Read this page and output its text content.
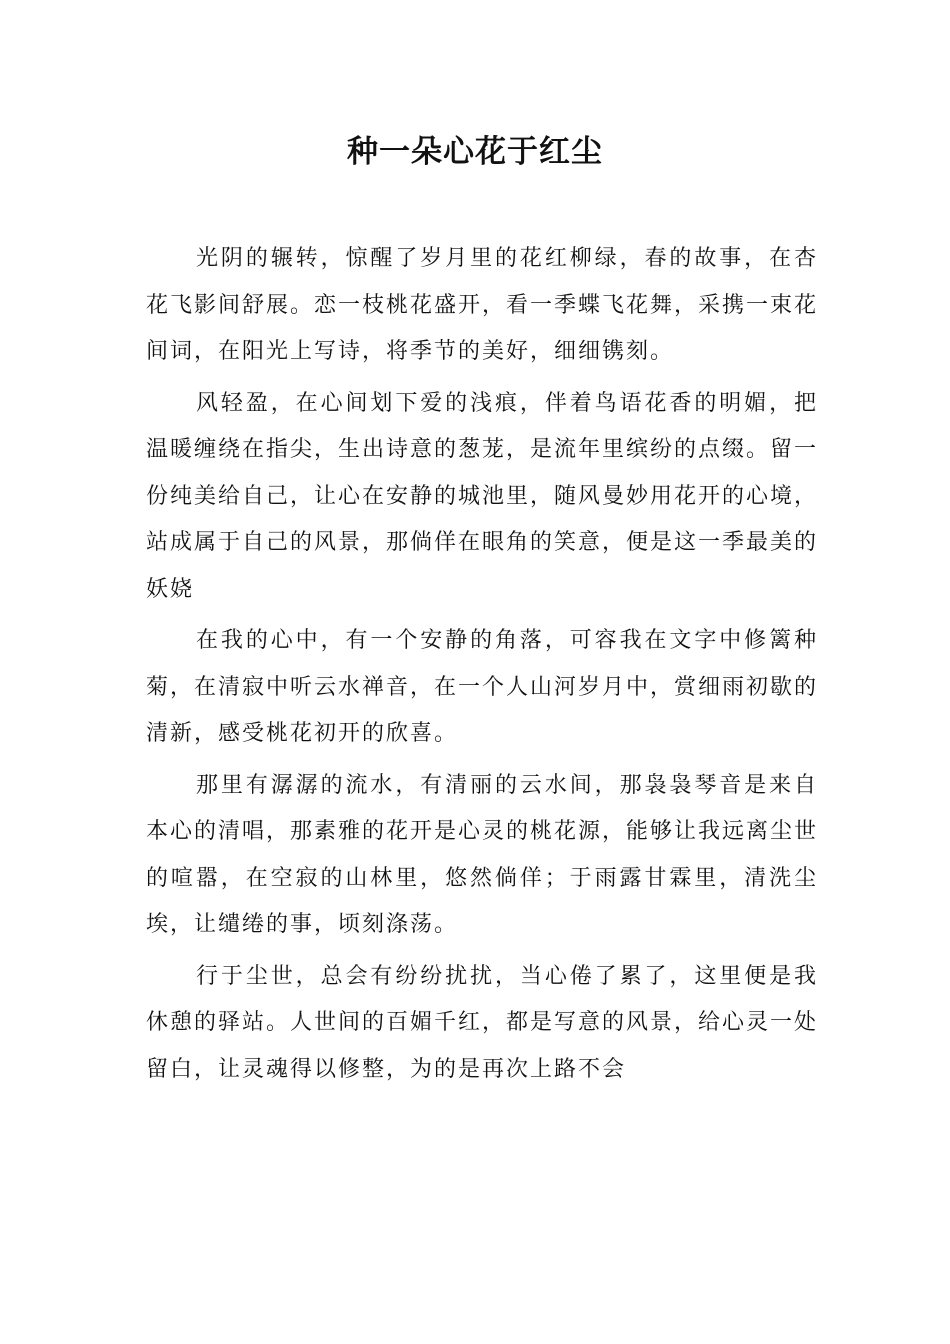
种一朵心花于红尘

光阴的辗转，惊醒了岁月里的花红柳绿，春的故事，在杏花飞影间舒展。恋一枝桃花盛开，看一季蝶飞花舞，采携一束花间词，在阳光上写诗，将季节的美好，细细镌刻。

风轻盈，在心间划下爱的浅痕，伴着鸟语花香的明媚，把温暖缠绕在指尖，生出诗意的葱茏，是流年里缤纷的点缀。留一份纯美给自己，让心在安静的城池里，随风曼妙用花开的心境，站成属于自己的风景，那倘佯在眼角的笑意，便是这一季最美的妖娆

在我的心中，有一个安静的角落，可容我在文字中修篱种菊，在清寂中听云水禅音，在一个人山河岁月中，赏细雨初歇的清新，感受桃花初开的欣喜。

那里有潺潺的流水，有清丽的云水间，那袅袅琴音是来自本心的清唱，那素雅的花开是心灵的桃花源，能够让我远离尘世的喧嚣，在空寂的山林里，悠然倘佯；于雨露甘霖里，清洗尘埃，让缱绻的事，顷刻涤荡。

行于尘世，总会有纷纷扰扰，当心倦了累了，这里便是我休憩的驿站。人世间的百媚千红，都是写意的风景，给心灵一处留白，让灵魂得以修整，为的是再次上路不会
